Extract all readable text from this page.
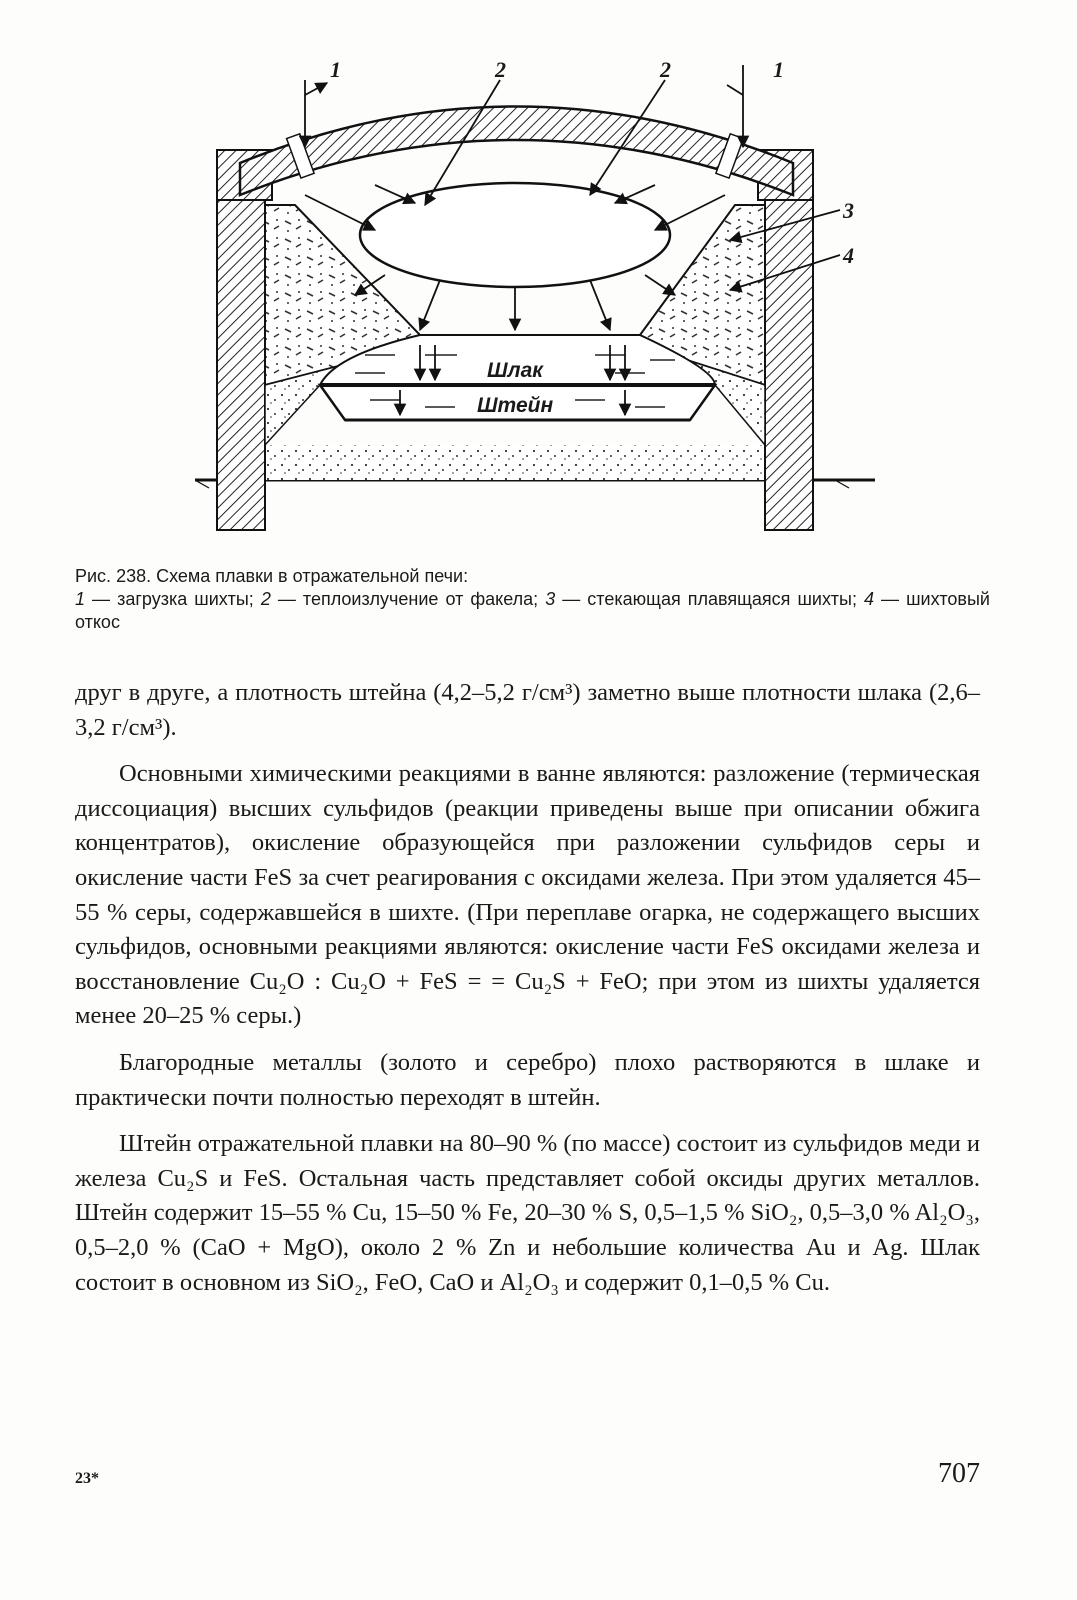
Шлак
Штейн
1	2	2	1
3
4
Рис. 238. Схема плавки в отражательной печи:
1 — загрузка шихты; 2 — теплоизлучение от факела; 3 — стекающая плавящаяся шихты; 4 — шихтовый откос

друг в друге, а плотность штейна (4,2–5,2 г/см³) заметно выше плотности шлака (2,6–3,2 г/см³).

Основными химическими реакциями в ванне являются: разложение (термическая диссоциация) высших сульфидов (реакции приведены выше при описании обжига концентратов), окисление образующейся при разложении сульфидов серы и окисление части FeS за счет реагирования с оксидами железа. При этом удаляется 45–55 % серы, содержавшейся в шихте. (При переплаве огарка, не содержащего высших сульфидов, основными реакциями являются: окисление части FeS оксидами железа и восстановление Cu₂O : Cu₂O + FeS = = Cu₂S + FeO; при этом из шихты удаляется менее 20–25 % серы.)

Благородные металлы (золото и серебро) плохо растворяются в шлаке и практически почти полностью переходят в штейн.

Штейн отражательной плавки на 80–90 % (по массе) состоит из сульфидов меди и железа Cu₂S и FeS. Остальная часть представляет собой оксиды других металлов. Штейн содержит 15–55 % Cu, 15–50 % Fe, 20–30 % S, 0,5–1,5 % SiO₂, 0,5–3,0 % Al₂O₃, 0,5–2,0 % (CaO + MgO), около 2 % Zn и небольшие количества Au и Ag. Шлак состоит в основном из SiO₂, FeO, CaO и Al₂O₃ и содержит 0,1–0,5 % Cu.

23*	707
